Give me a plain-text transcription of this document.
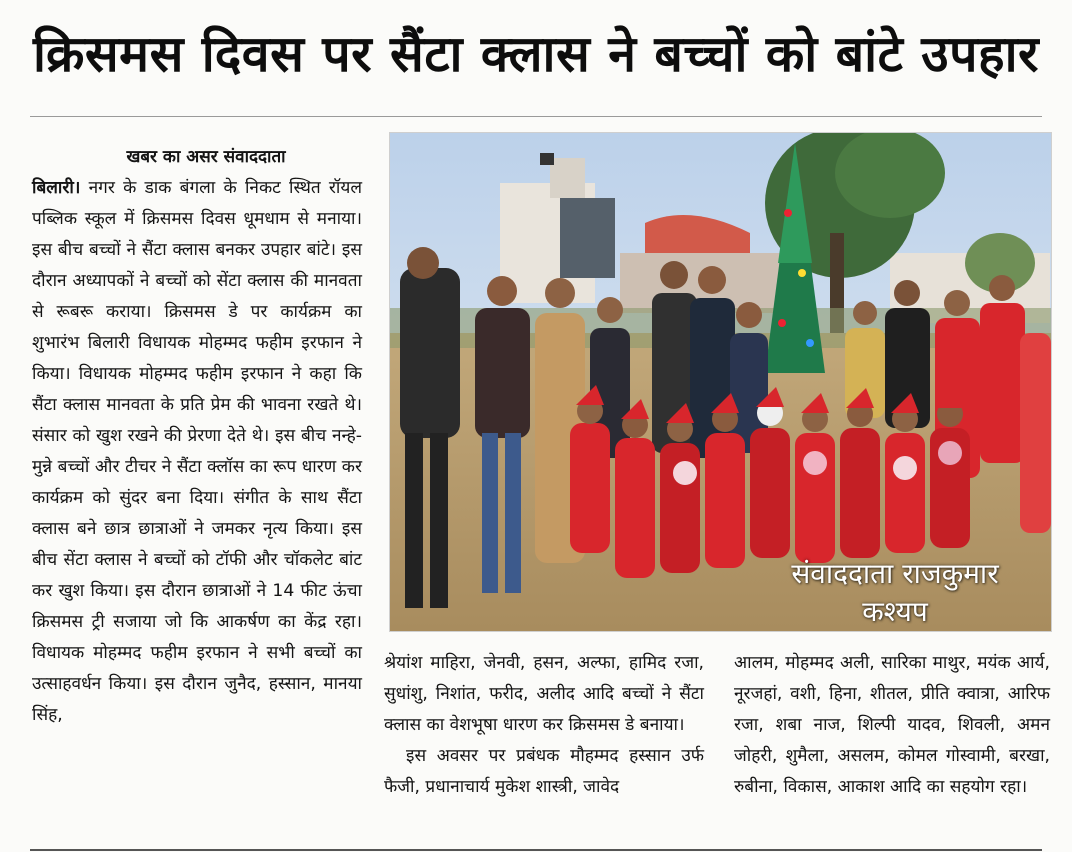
क्रिसमस दिवस पर सैंटा क्लास ने बच्चों को बांटे उपहार
खबर का असर संवाददाता

बिलारी। नगर के डाक बंगला के निकट स्थित रॉयल पब्लिक स्कूल में क्रिसमस दिवस धूमधाम से मनाया। इस बीच बच्चों ने सैंटा क्लास बनकर उपहार बांटे। इस दौरान अध्यापकों ने बच्चों को सेंटा क्लास की मानवता से रूबरू कराया। क्रिसमस डे पर कार्यक्रम का शुभारंभ बिलारी विधायक मोहम्मद फहीम इरफान ने किया। विधायक मोहम्मद फहीम इरफान ने कहा कि सैंटा क्लास मानवता के प्रति प्रेम की भावना रखते थे। संसार को खुश रखने की प्रेरणा देते थे। इस बीच नन्हे-मुन्ने बच्चों और टीचर ने सैंटा क्लॉस का रूप धारण कर कार्यक्रम को सुंदर बना दिया। संगीत के साथ सैंटा क्लास बने छात्र छात्राओं ने जमकर नृत्य किया। इस बीच सेंटा क्लास ने बच्चों को टॉफी और चॉकलेट बांट कर खुश किया। इस दौरान छात्राओं ने 14 फीट ऊंचा क्रिसमस ट्री सजाया जो कि आकर्षण का केंद्र रहा। विधायक मोहम्मद फहीम इरफान ने सभी बच्चों का उत्साहवर्धन किया। इस दौरान जुनैद, हस्सान, मानया सिंह,

संवाददाता राजकुमार कश्यप

श्रेयांश माहिरा, जेनवी, हसन, अल्फा, हामिद रजा, सुधांशु, निशांत, फरीद, अलीद आदि बच्चों ने सैंटा क्लास का वेशभूषा धारण कर क्रिसमस डे बनाया।

इस अवसर पर प्रबंधक मौहम्मद हस्सान उर्फ फैजी, प्रधानाचार्य मुकेश शास्त्री, जावेद

आलम, मोहम्मद अली, सारिका माथुर, मयंक आर्य, नूरजहां, वशी, हिना, शीतल, प्रीति क्वात्रा, आरिफ रजा, शबा नाज, शिल्पी यादव, शिवली, अमन जोहरी, शुमैला, असलम, कोमल गोस्वामी, बरखा, रुबीना, विकास, आकाश आदि का सहयोग रहा।
